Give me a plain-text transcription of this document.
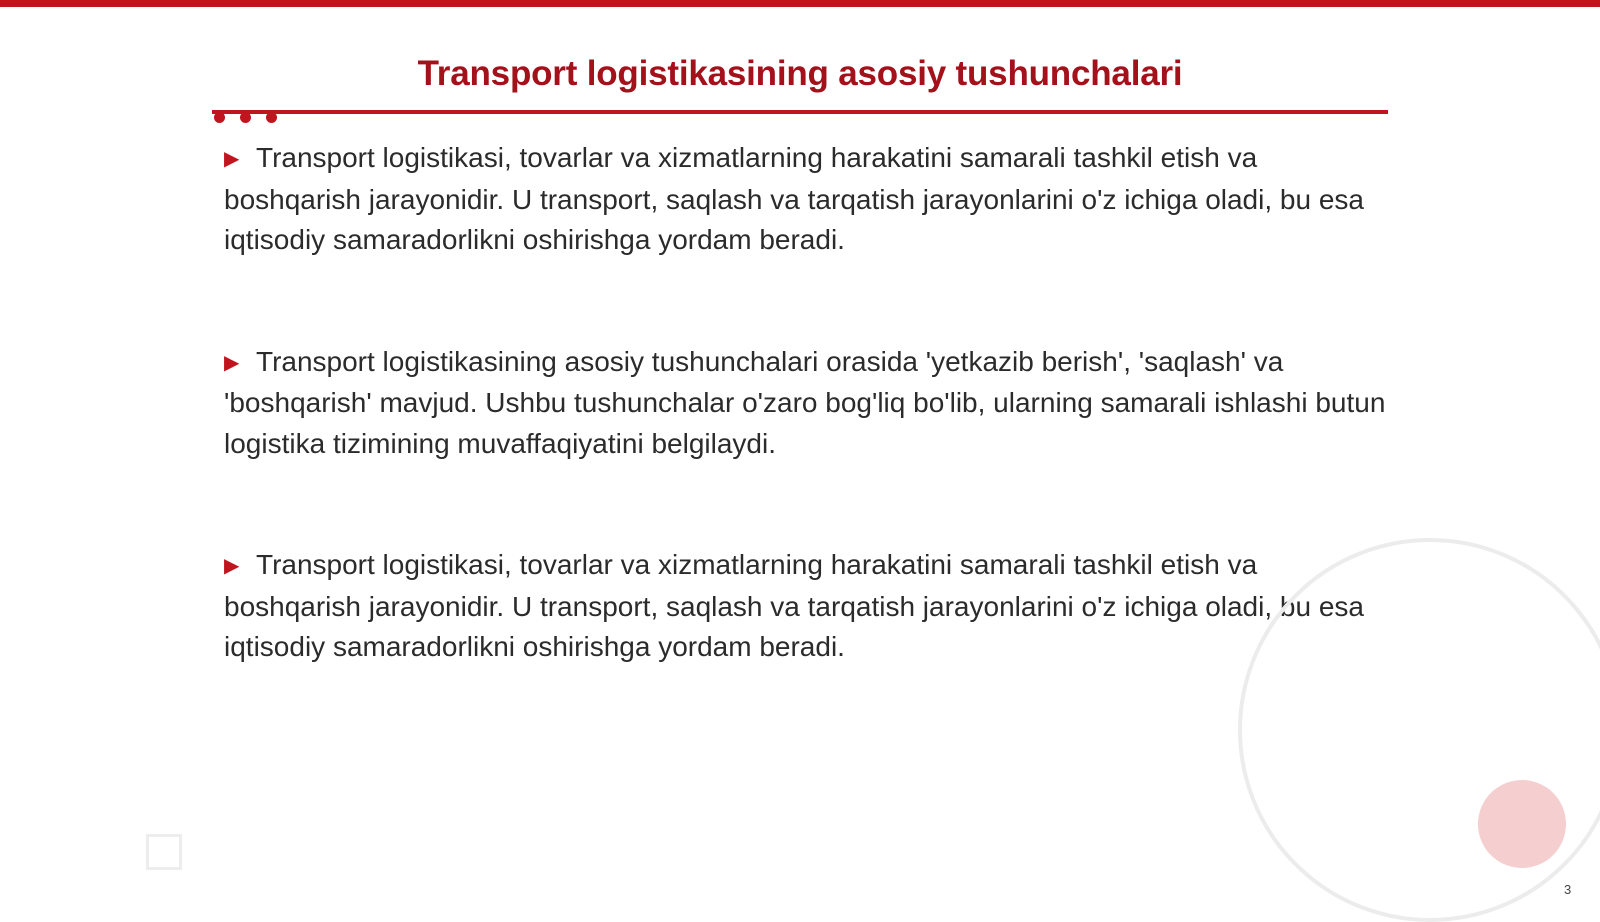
Transport logistikasining asosiy tushunchalari

▶ Transport logistikasi, tovarlar va xizmatlarning harakatini samarali tashkil etish va boshqarish jarayonidir. U transport, saqlash va tarqatish jarayonlarini o'z ichiga oladi, bu esa iqtisodiy samaradorlikni oshirishga yordam beradi.

▶ Transport logistikasining asosiy tushunchalari orasida 'yetkazib berish', 'saqlash' va 'boshqarish' mavjud. Ushbu tushunchalar o'zaro bog'liq bo'lib, ularning samarali ishlashi butun logistika tizimining muvaffaqiyatini belgilaydi.

▶ Transport logistikasi, tovarlar va xizmatlarning harakatini samarali tashkil etish va boshqarish jarayonidir. U transport, saqlash va tarqatish jarayonlarini o'z ichiga oladi, bu esa iqtisodiy samaradorlikni oshirishga yordam beradi.

3
